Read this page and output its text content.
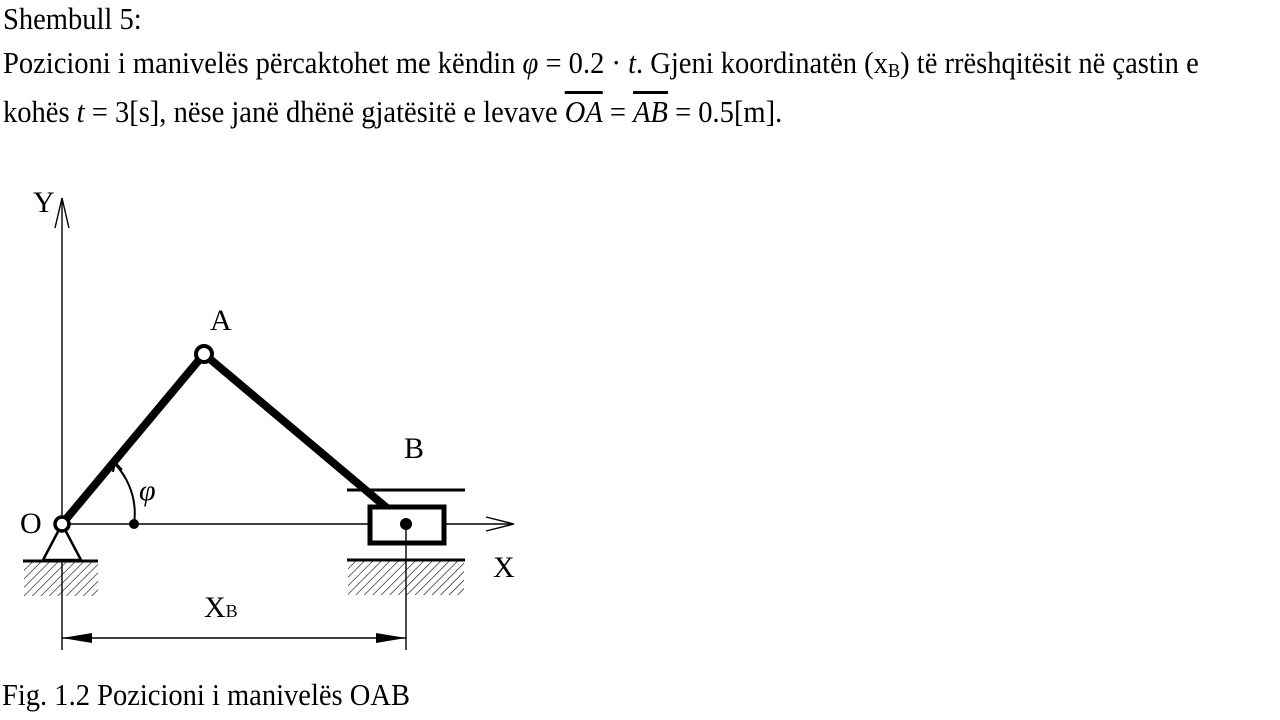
Shembull 5:
Pozicioni i manivelës përcaktohet me këndin φ = 0.2 · t. Gjeni koordinatën $(x_B)$ të rrëshqitësit në çastin e
kohës t = 3[s], nëse janë dhënë gjatësitë e levave $\overline{OA} = \overline{AB} = 0.5[m]$.
Y
X
A
O
φ
B
XB
Fig. 1.2 Pozicioni i manivelës OAB
